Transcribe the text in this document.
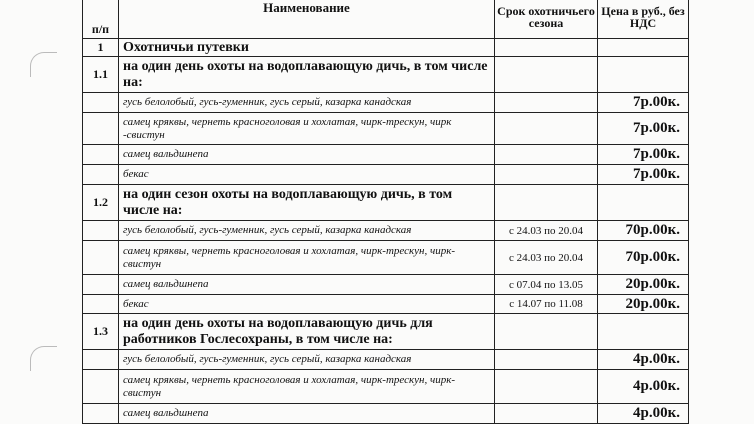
п/п	Наименование	Срок охотничьего сезона	Цена в руб., без НДС
1	Охотничьи путевки		
1.1	на один день охоты на водоплавающую дичь, в том числе на:		
	гусь белолобый, гусь-гуменник, гусь серый, казарка канадская		7р.00к.
	самец кряквы, чернеть красноголовая и хохлатая, чирк-трескун, чирк -свистун		7р.00к.
	самец вальдшнепа		7р.00к.
	бекас		7р.00к.
1.2	на один сезон охоты на водоплавающую дичь, в том числе на:		
	гусь белолобый, гусь-гуменник, гусь серый, казарка канадская	с 24.03 по 20.04	70р.00к.
	самец кряквы, чернеть красноголовая и хохлатая, чирк-трескун, чирк-свистун	с 24.03 по 20.04	70р.00к.
	самец вальдшнепа	с 07.04 по 13.05	20р.00к.
	бекас	с 14.07 по 11.08	20р.00к.
1.3	на один день охоты на водоплавающую дичь для работников Гослесохраны, в том числе на:		
	гусь белолобый, гусь-гуменник, гусь серый, казарка канадская		4р.00к.
	самец кряквы, чернеть красноголовая и хохлатая, чирк-трескун, чирк-свистун		4р.00к.
	самец вальдшнепа		4р.00к.
